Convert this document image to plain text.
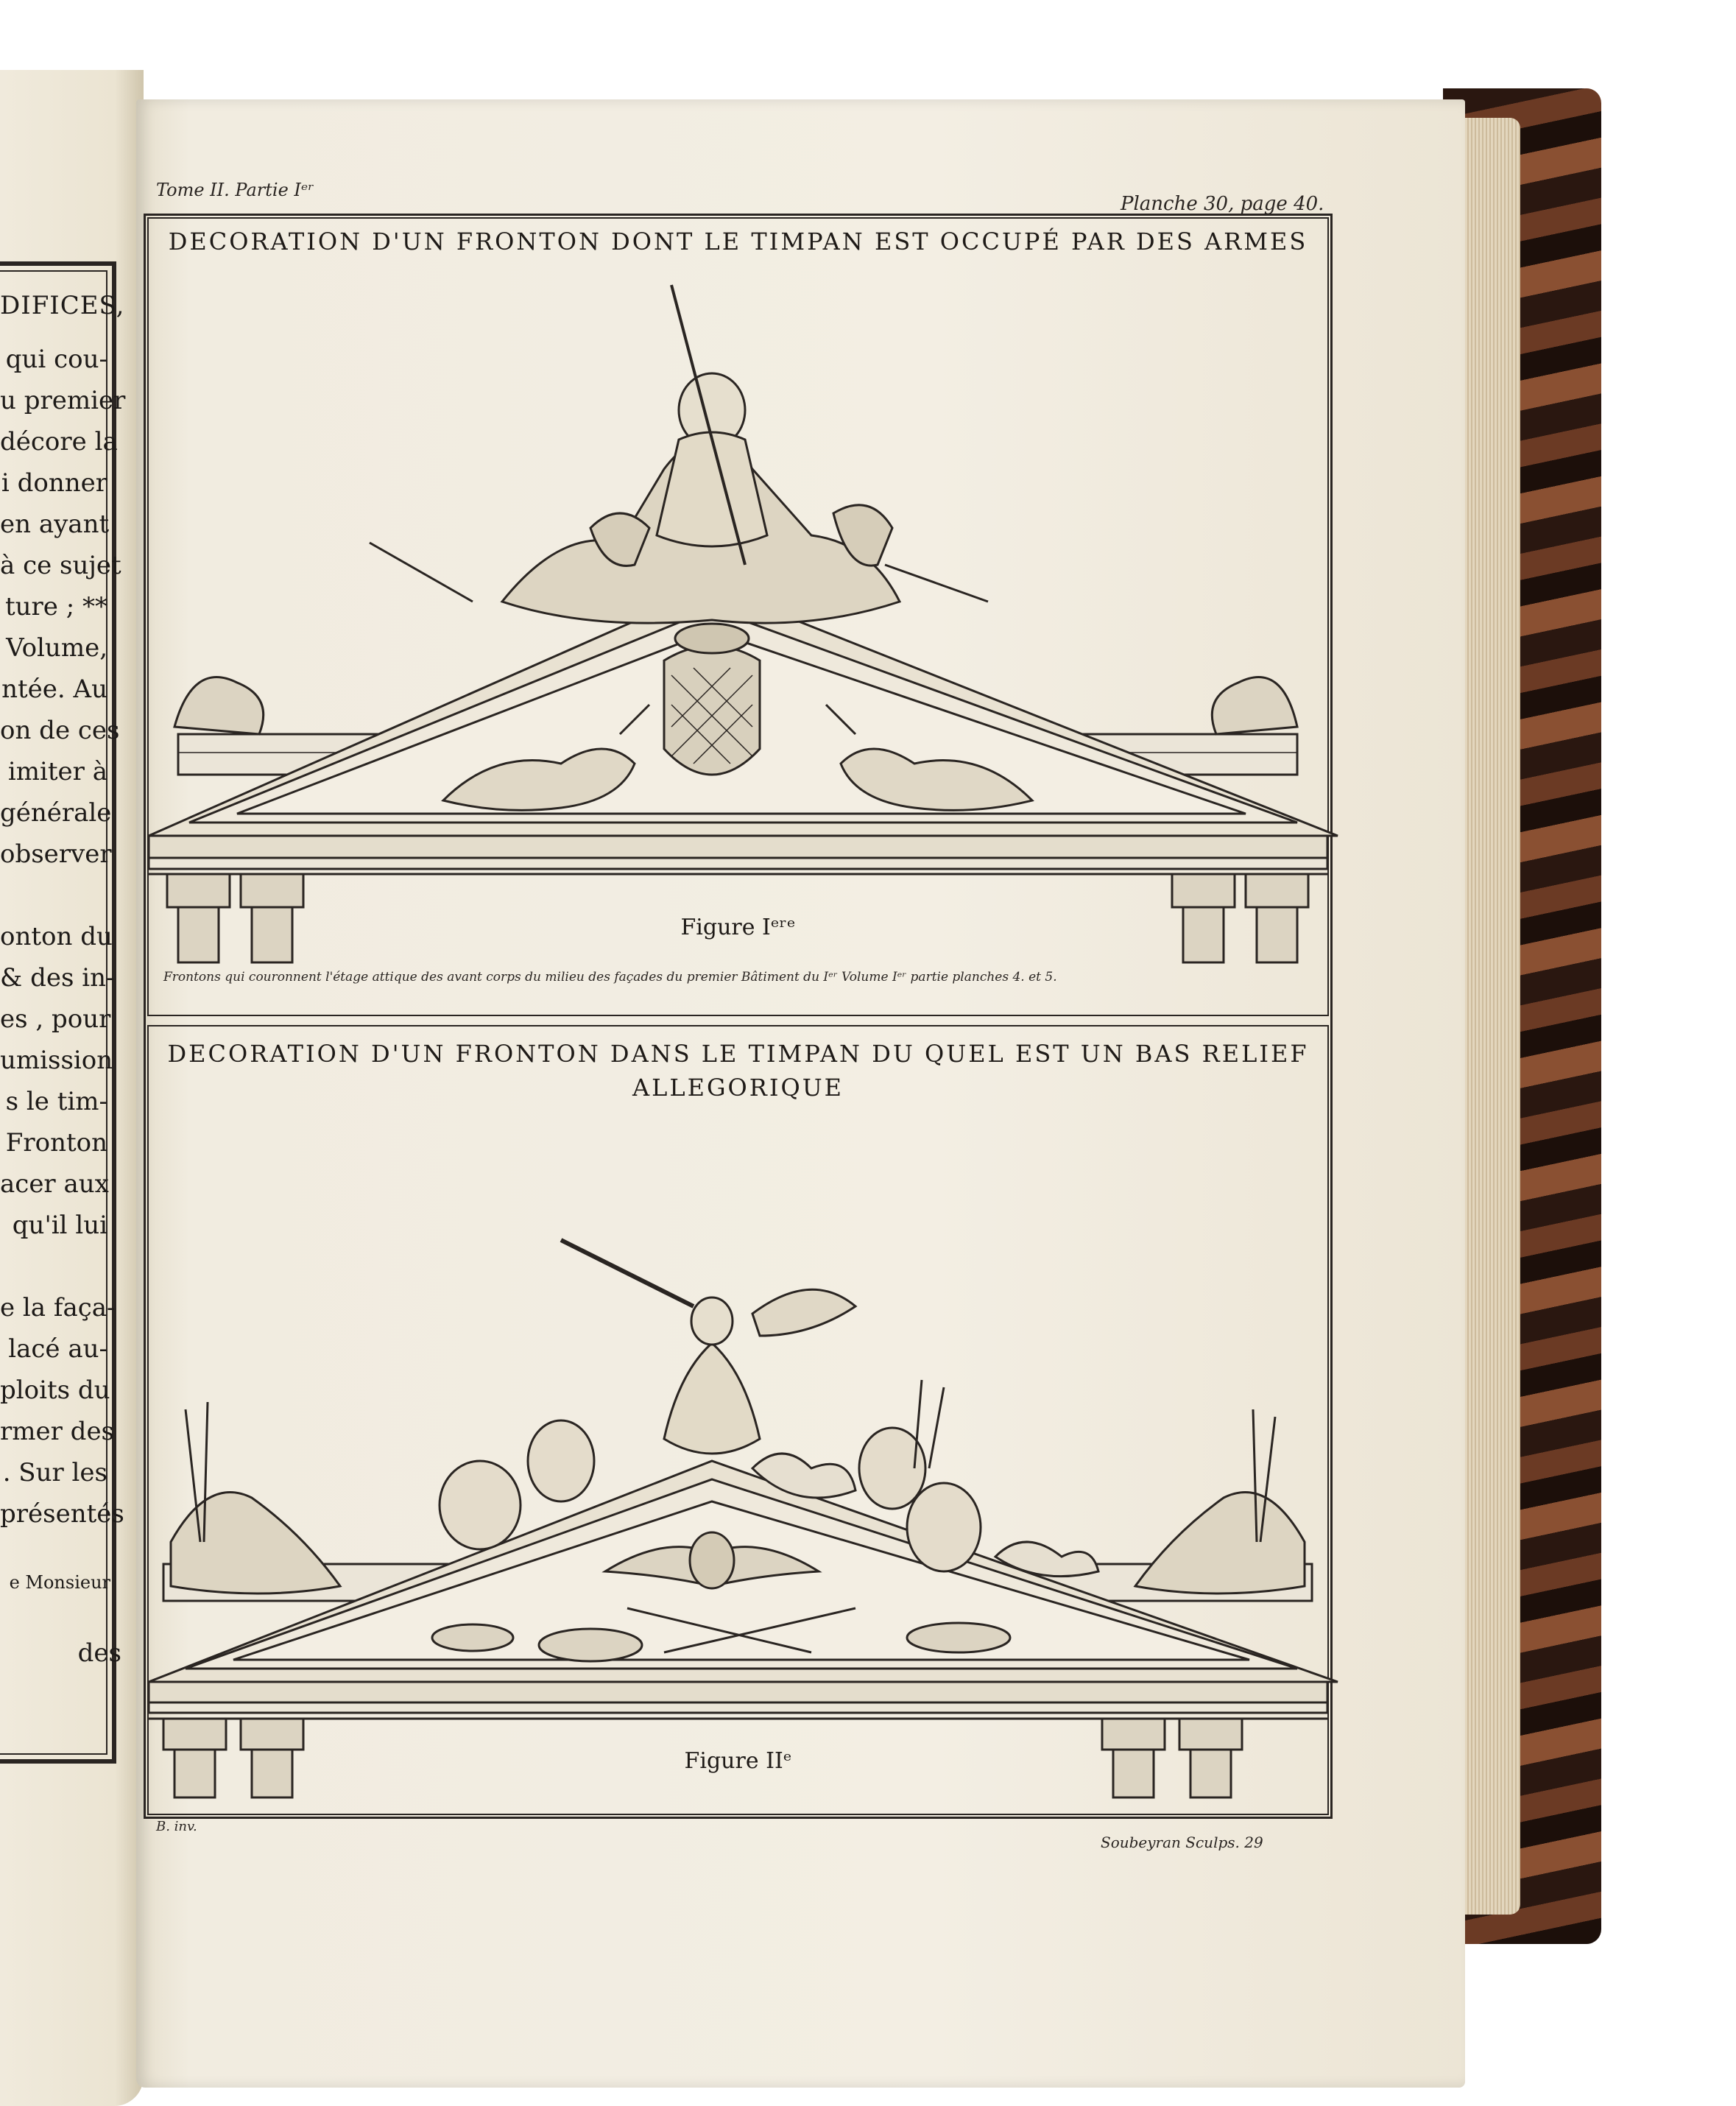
DIFICES,
qui cou-
u premier
décore la
i donner
en ayant
à ce sujet
ture ; **
Volume,
ntée. Au
on de ces
imiter à
générale
observer
onton du
& des in-
es , pour
umission
s le tim-
Fronton
acer aux
qu'il lui
e la faça-
lacé au-
ploits du
rmer des
. Sur les
présentés
e Monsieur
des
Tome II. Partie Iᵉʳ
Planche 30, page 40.
DECORATION D'UN FRONTON DONT LE TIMPAN EST OCCUPÉ PAR DES ARMES
Figure Iᵉʳᵉ
Frontons qui couronnent l'étage attique des avant corps du milieu des façades du premier Bâtiment du Iᵉʳ Volume Iᵉʳ partie planches 4. et 5.
DECORATION D'UN FRONTON DANS LE TIMPAN DU QUEL EST UN BAS RELIEF
ALLEGORIQUE
Figure IIᵉ
B. inv.
Soubeyran Sculps. 29
